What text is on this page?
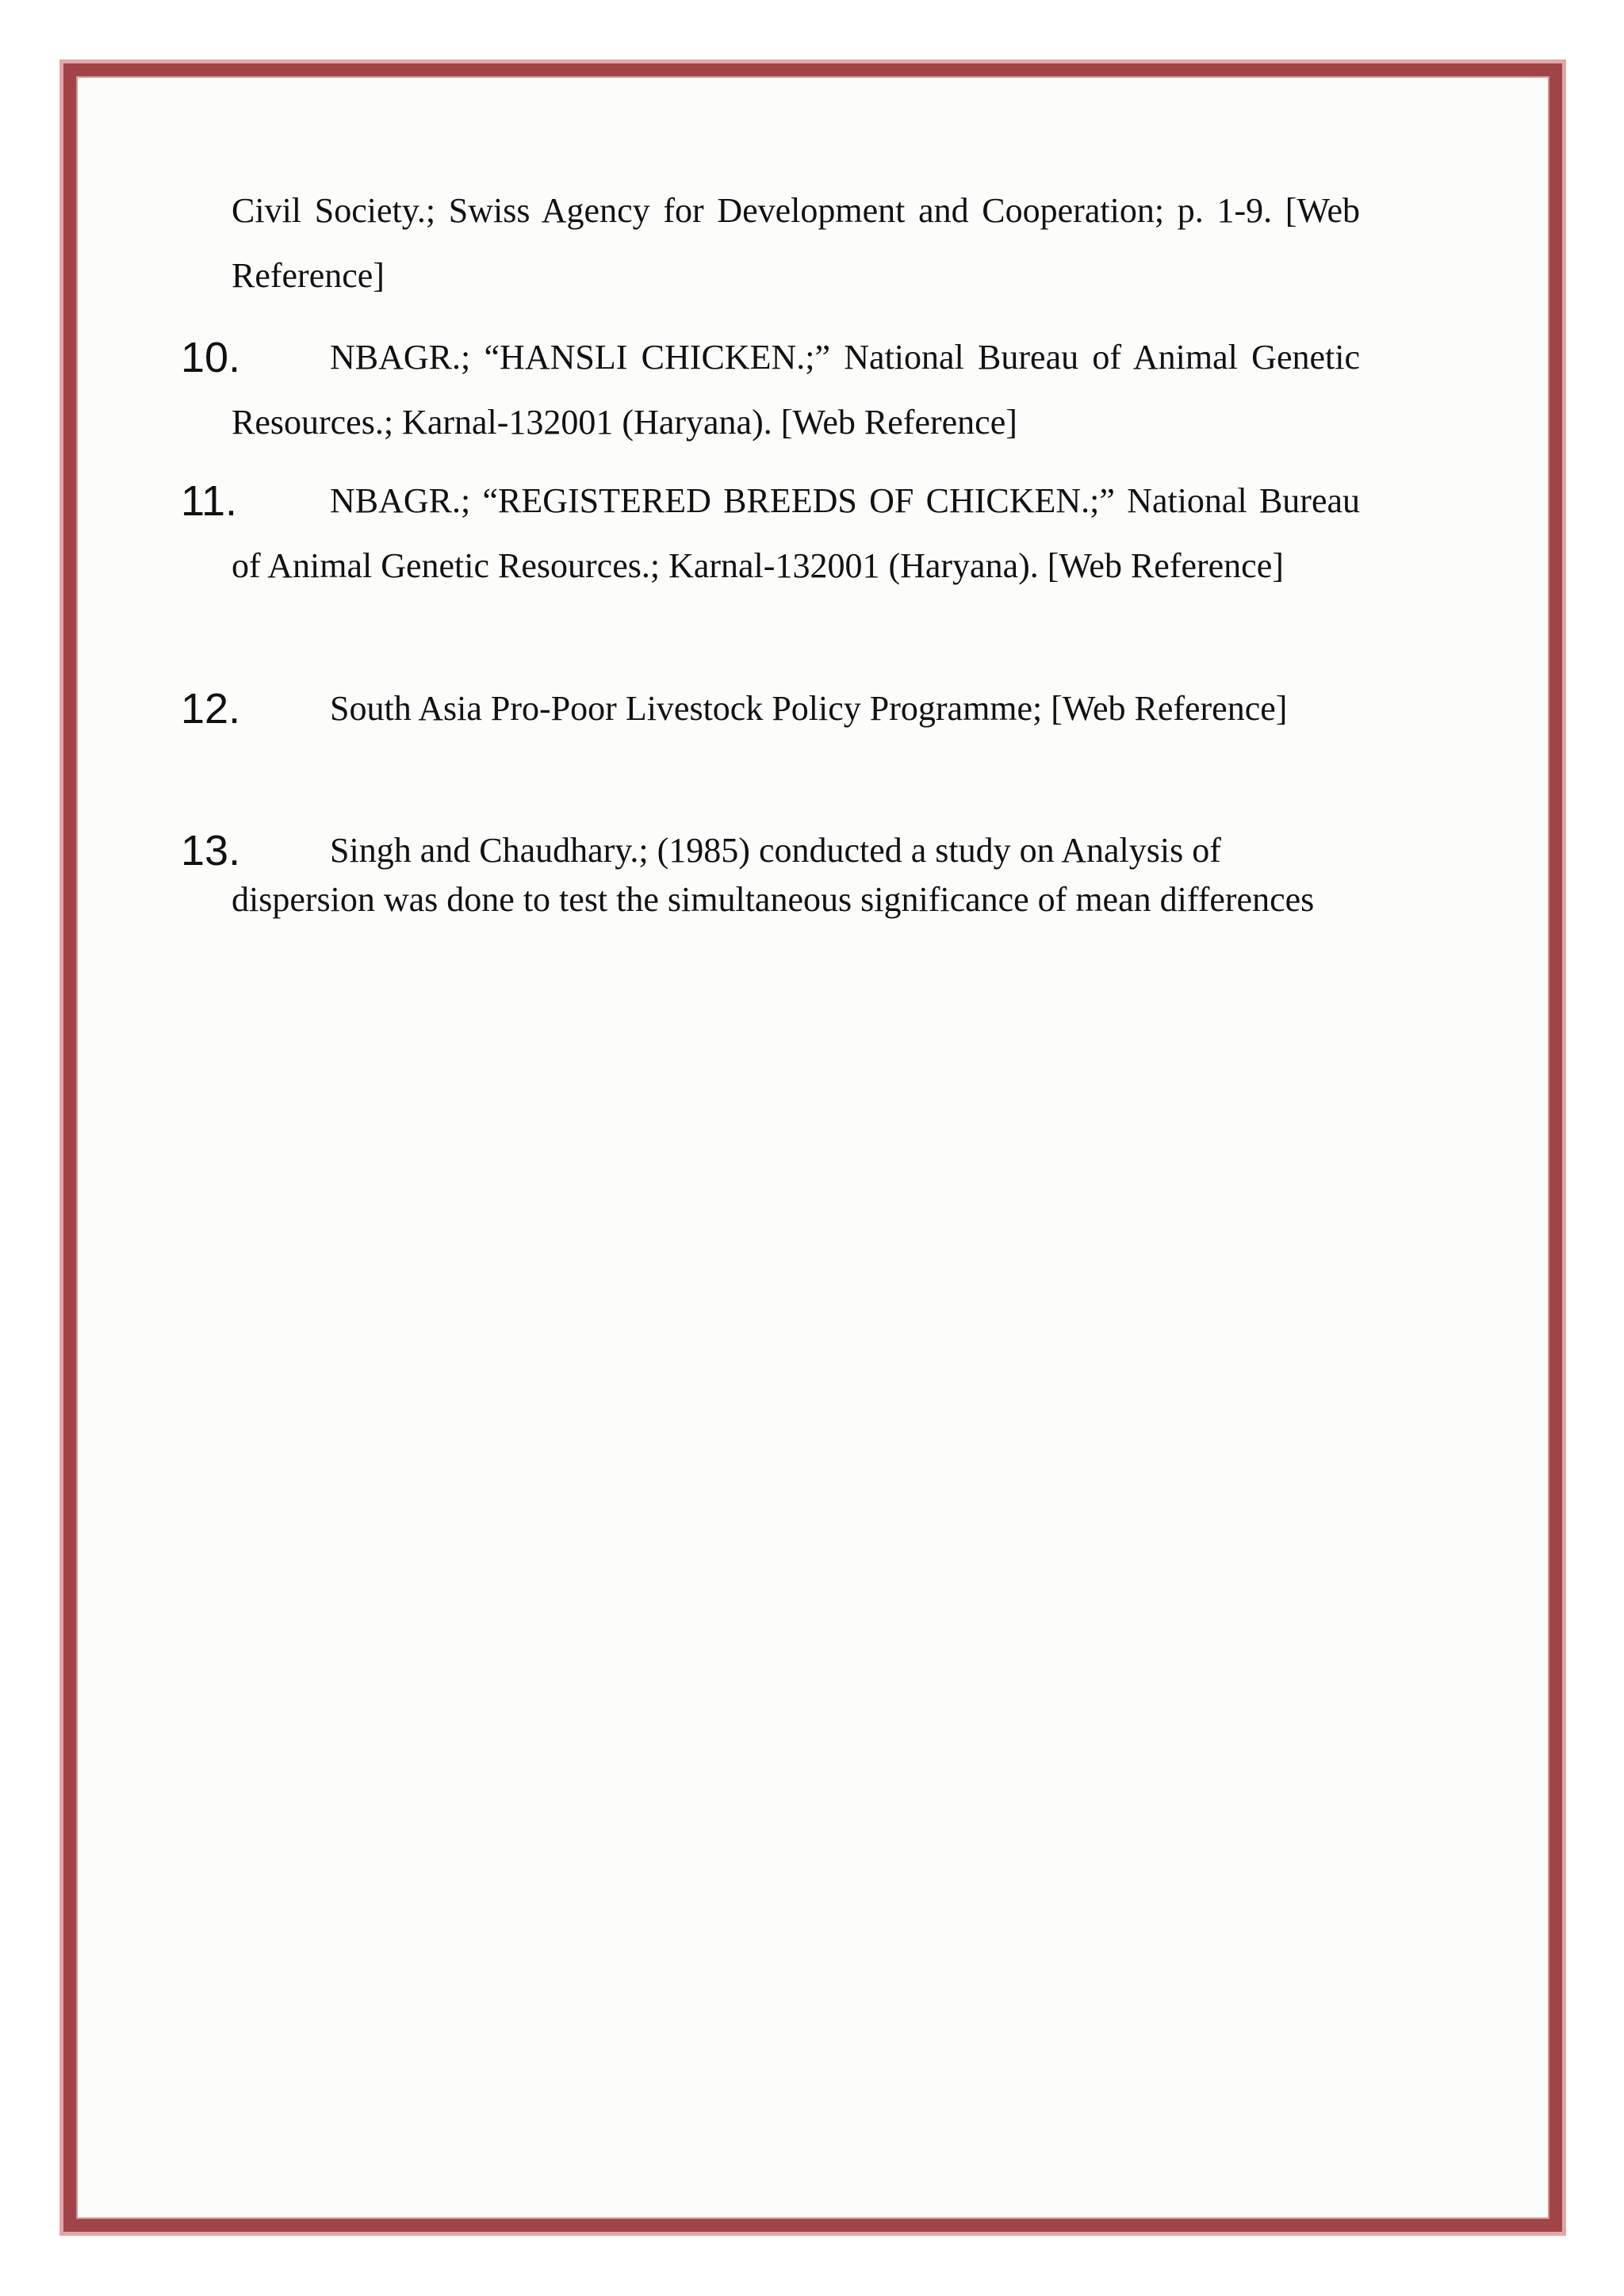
Civil Society.; Swiss Agency for Development and Cooperation; p. 1-9. [Web Reference]
10.	NBAGR.; “HANSLI CHICKEN.;” National Bureau of Animal Genetic Resources.; Karnal-132001 (Haryana). [Web Reference]
11.	NBAGR.; “REGISTERED BREEDS OF CHICKEN.;” National Bureau of Animal Genetic Resources.; Karnal-132001 (Haryana). [Web Reference]
12.	South Asia Pro-Poor Livestock Policy Programme; [Web Reference]
13.	Singh and Chaudhary.; (1985) conducted a study on Analysis of dispersion was done to test the simultaneous significance of mean differences
